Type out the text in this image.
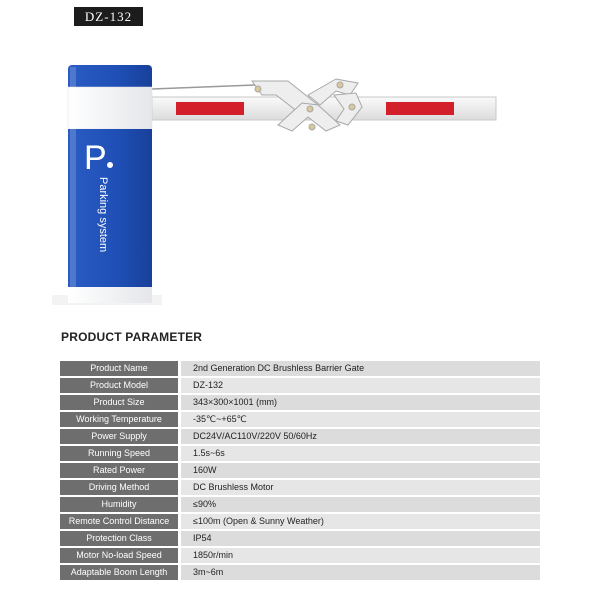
DZ-132
P
Parking system
PRODUCT PARAMETER
Product Name		2nd Generation DC Brushless Barrier Gate
Product Model		DZ-132
Product Size		343×300×1001 (mm)
Working Temperature		-35℃~+65℃
Power Supply		DC24V/AC110V/220V 50/60Hz
Running Speed		1.5s~6s
Rated Power		160W
Driving Method		DC Brushless Motor
Humidity		≤90%
Remote Control Distance		≤100m (Open & Sunny Weather)
Protection Class		IP54
Motor No-load Speed		1850r/min
Adaptable Boom Length		3m~6m
